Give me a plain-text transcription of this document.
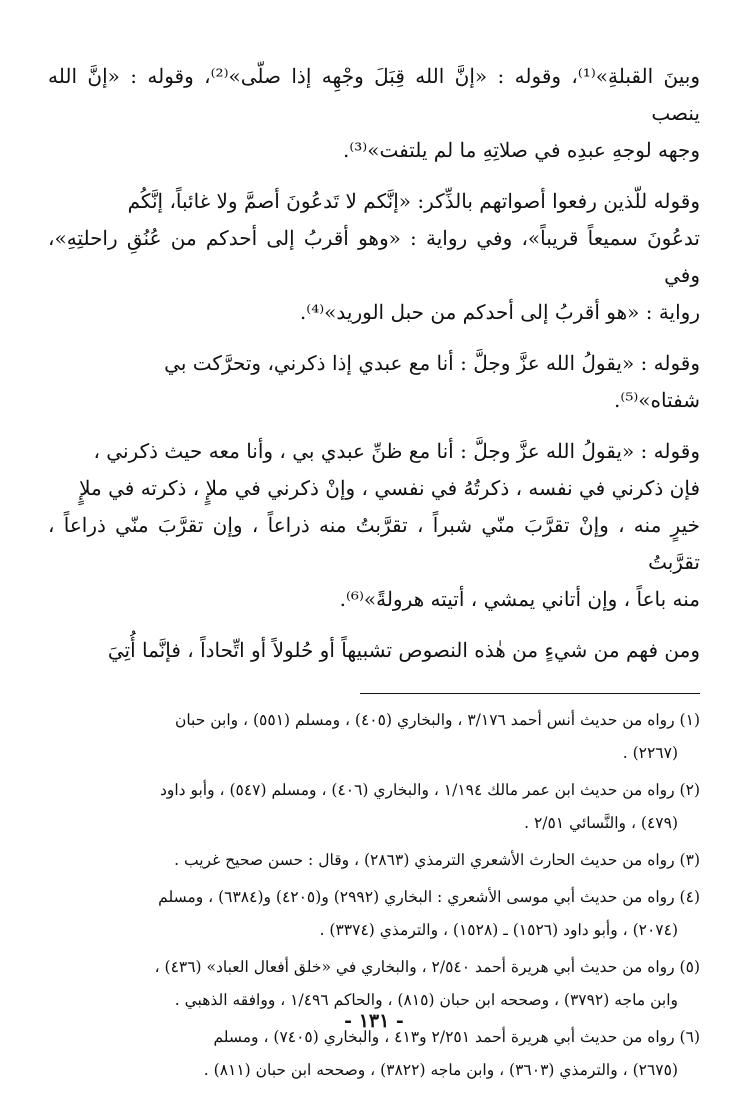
وبينَ القبلةِ»⁽¹⁾، وقوله : «إنَّ الله قِبَلَ وجْهِه إذا صلّى»⁽²⁾، وقوله : «إنَّ الله ينصب
وجهه لوجهِ عبدِه في صلاتِهِ ما لم يلتفت»⁽³⁾.

وقوله للّذين رفعوا أصواتهم بالذِّكر: «إنَّكم لا تَدعُونَ أصمَّ ولا غائباً، إنَّكُم
تدعُونَ سميعاً قريباً»، وفي رواية : «وهو أقربُ إلى أحدكم من عُنُقِ راحلتِهِ»، وفي
رواية : «هو أقربُ إلى أحدكم من حبل الوريد»⁽⁴⁾.

وقوله : «يقولُ الله عزَّ وجلَّ : أنا مع عبدي إذا ذكرني، وتحرَّكت بي
شفتاه»⁽⁵⁾.

وقوله : «يقولُ الله عزَّ وجلَّ : أنا مع ظنِّ عبدي بي ، وأنا معه حيث ذكرني ،
فإن ذكرني في نفسه ، ذكرتُهُ في نفسي ، وإنْ ذكرني في ملإٍ ، ذكرته في ملإٍ
خيرٍ منه ، وإنْ تقرَّبَ منّي شبراً ، تقرَّبتُ منه ذراعاً ، وإن تقرَّبَ منّي ذراعاً ، تقرَّبتُ
منه باعاً ، وإن أتاني يمشي ، أتيته هرولةً»⁽⁶⁾.

ومن فهم من شيءٍ من هٰذه النصوص تشبيهاً أو حُلولاً أو اتِّحاداً ، فإنَّما أُتِيَ

(١) رواه من حديث أنس أحمد ٣/١٧٦ ، والبخاري (٤٠٥) ، ومسلم (٥٥١) ، وابن حبان
(٢٢٦٧) .

(٢) رواه من حديث ابن عمر مالك ١/١٩٤ ، والبخاري (٤٠٦) ، ومسلم (٥٤٧) ، وأبو داود
(٤٧٩) ، والنَّسائي ٢/٥١ .

(٣) رواه من حديث الحارث الأشعري الترمذي (٢٨٦٣) ، وقال : حسن صحيح غريب .

(٤) رواه من حديث أبي موسى الأشعري : البخاري (٢٩٩٢) و(٤٢٠٥) و(٦٣٨٤) ، ومسلم
(٢٠٧٤) ، وأبو داود (١٥٢٦) ـ (١٥٢٨) ، والترمذي (٣٣٧٤) .

(٥) رواه من حديث أبي هريرة أحمد ٢/٥٤٠ ، والبخاري في «خلق أفعال العباد» (٤٣٦) ،
وابن ماجه (٣٧٩٢) ، وصححه ابن حبان (٨١٥) ، والحاكم ١/٤٩٦ ، ووافقه الذهبي .

(٦) رواه من حديث أبي هريرة أحمد ٢/٢٥١ و٤١٣ ، والبخاري (٧٤٠٥) ، ومسلم
(٢٦٧٥) ، والترمذي (٣٦٠٣) ، وابن ماجه (٣٨٢٢) ، وصححه ابن حبان (٨١١) .

- ١٣١ -
